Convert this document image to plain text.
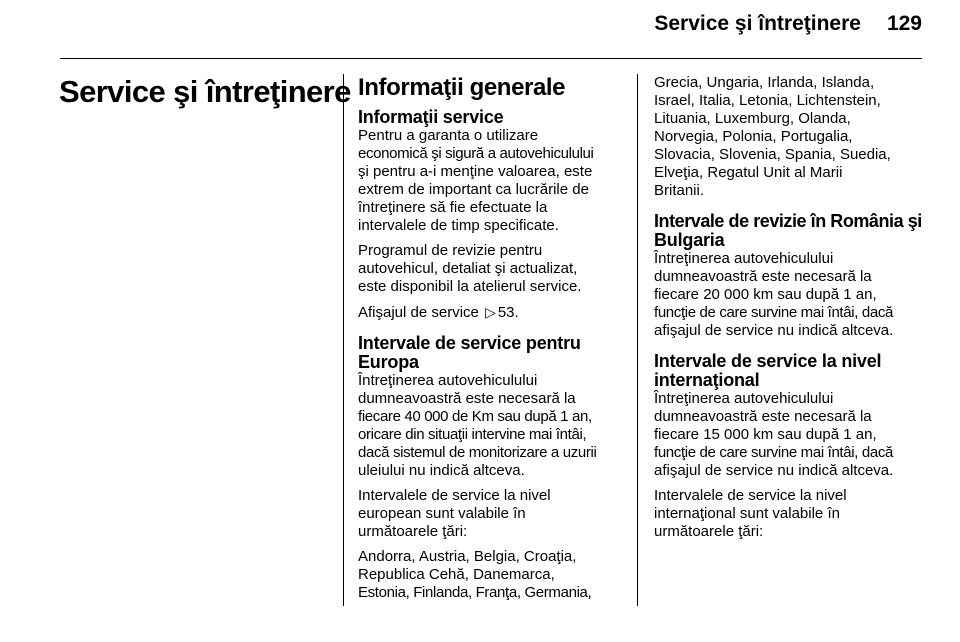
Service şi întreţinere 129
Service şi întreţinere Informaţii generale
Informaţii service

Pentru a garanta o utilizare
economică şi sigură a autovehiculului
şi pentru a-i menţine valoarea, este
extrem de important ca lucrările de
întreţinere să fie efectuate la
intervalele de timp specificate.

Programul de revizie pentru
autovehicul, detaliat şi actualizat,
este disponibil la atelierul service.

Afişajul de service ▷ 53.

Intervale de service pentru
Europa

Întreţinerea autovehiculului
dumneavoastră este necesară la
fiecare 40 000 de Km sau după 1 an,
oricare din situaţii intervine mai întâi,
dacă sistemul de monitorizare a uzurii
uleiului nu indică altceva.

Intervalele de service la nivel
european sunt valabile în
următoarele ţări:

Andorra, Austria, Belgia, Croaţia,
Republica Cehă, Danemarca,
Estonia, Finlanda, Franţa, Germania,

Grecia, Ungaria, Irlanda, Islanda,
Israel, Italia, Letonia, Lichtenstein,
Lituania, Luxemburg, Olanda,
Norvegia, Polonia, Portugalia,
Slovacia, Slovenia, Spania, Suedia,
Elveţia, Regatul Unit al Marii
Britanii.

Intervale de revizie în România şi
Bulgaria

Întreţinerea autovehiculului
dumneavoastră este necesară la
fiecare 20 000 km sau după 1 an,
funcţie de care survine mai întâi, dacă
afişajul de service nu indică altceva.

Intervale de service la nivel
internaţional

Întreţinerea autovehiculului
dumneavoastră este necesară la
fiecare 15 000 km sau după 1 an,
funcţie de care survine mai întâi, dacă
afişajul de service nu indică altceva.

Intervalele de service la nivel
internaţional sunt valabile în
următoarele ţări:
